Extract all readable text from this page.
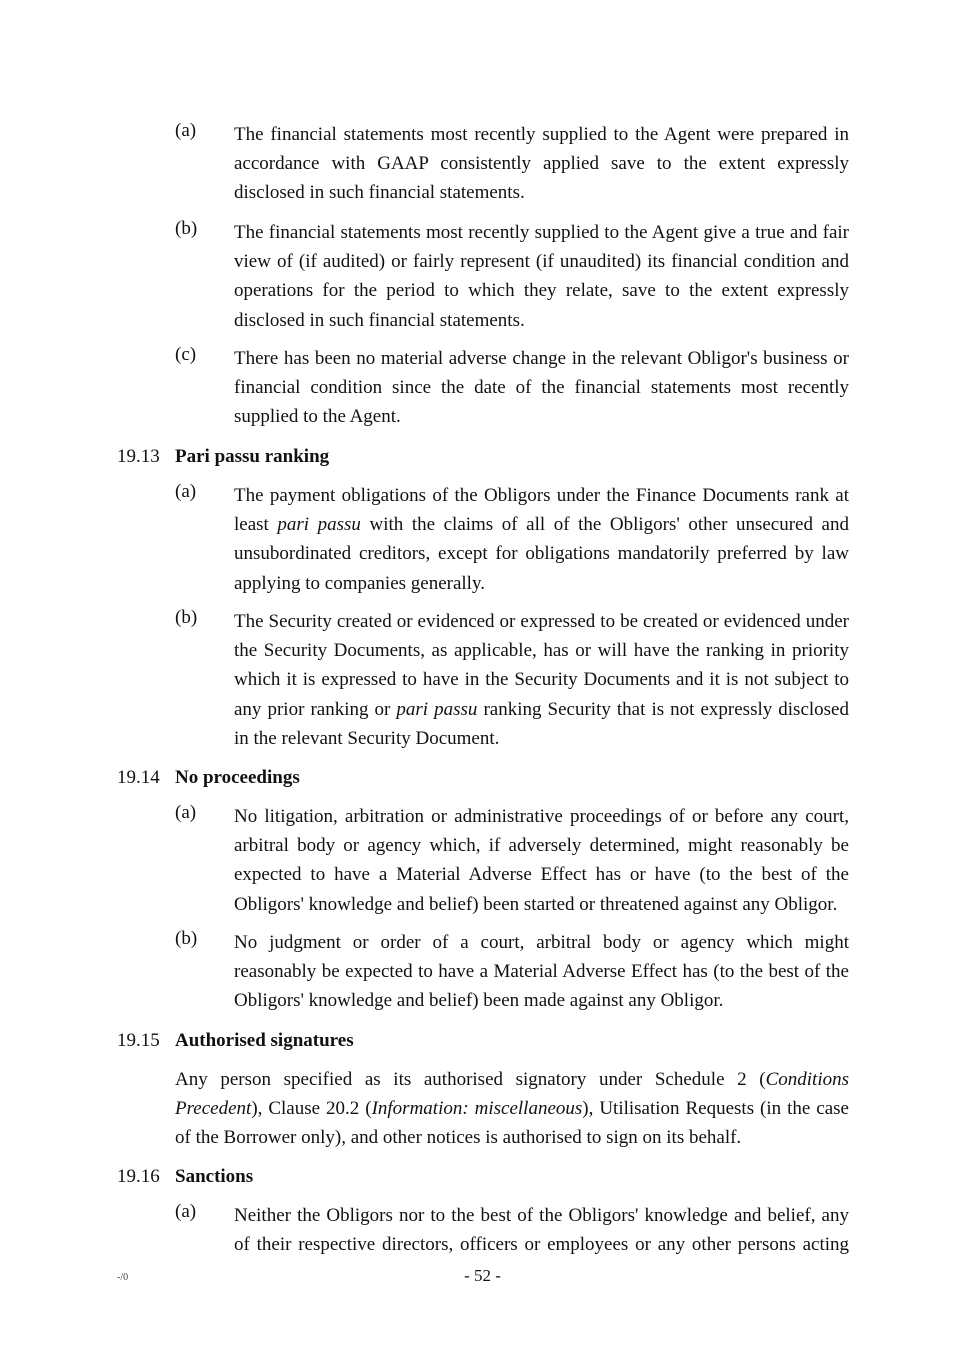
(a) The financial statements most recently supplied to the Agent were prepared in accordance with GAAP consistently applied save to the extent expressly disclosed in such financial statements.
(b) The financial statements most recently supplied to the Agent give a true and fair view of (if audited) or fairly represent (if unaudited) its financial condition and operations for the period to which they relate, save to the extent expressly disclosed in such financial statements.
(c) There has been no material adverse change in the relevant Obligor's business or financial condition since the date of the financial statements most recently supplied to the Agent.
19.13 Pari passu ranking
(a) The payment obligations of the Obligors under the Finance Documents rank at least pari passu with the claims of all of the Obligors' other unsecured and unsubordinated creditors, except for obligations mandatorily preferred by law applying to companies generally.
(b) The Security created or evidenced or expressed to be created or evidenced under the Security Documents, as applicable, has or will have the ranking in priority which it is expressed to have in the Security Documents and it is not subject to any prior ranking or pari passu ranking Security that is not expressly disclosed in the relevant Security Document.
19.14 No proceedings
(a) No litigation, arbitration or administrative proceedings of or before any court, arbitral body or agency which, if adversely determined, might reasonably be expected to have a Material Adverse Effect has or have (to the best of the Obligors' knowledge and belief) been started or threatened against any Obligor.
(b) No judgment or order of a court, arbitral body or agency which might reasonably be expected to have a Material Adverse Effect has (to the best of the Obligors' knowledge and belief) been made against any Obligor.
19.15 Authorised signatures
Any person specified as its authorised signatory under Schedule 2 (Conditions Precedent), Clause 20.2 (Information: miscellaneous), Utilisation Requests (in the case of the Borrower only), and other notices is authorised to sign on its behalf.
19.16 Sanctions
(a) Neither the Obligors nor to the best of the Obligors' knowledge and belief, any of their respective directors, officers or employees or any other persons acting
-/0	- 52 -
